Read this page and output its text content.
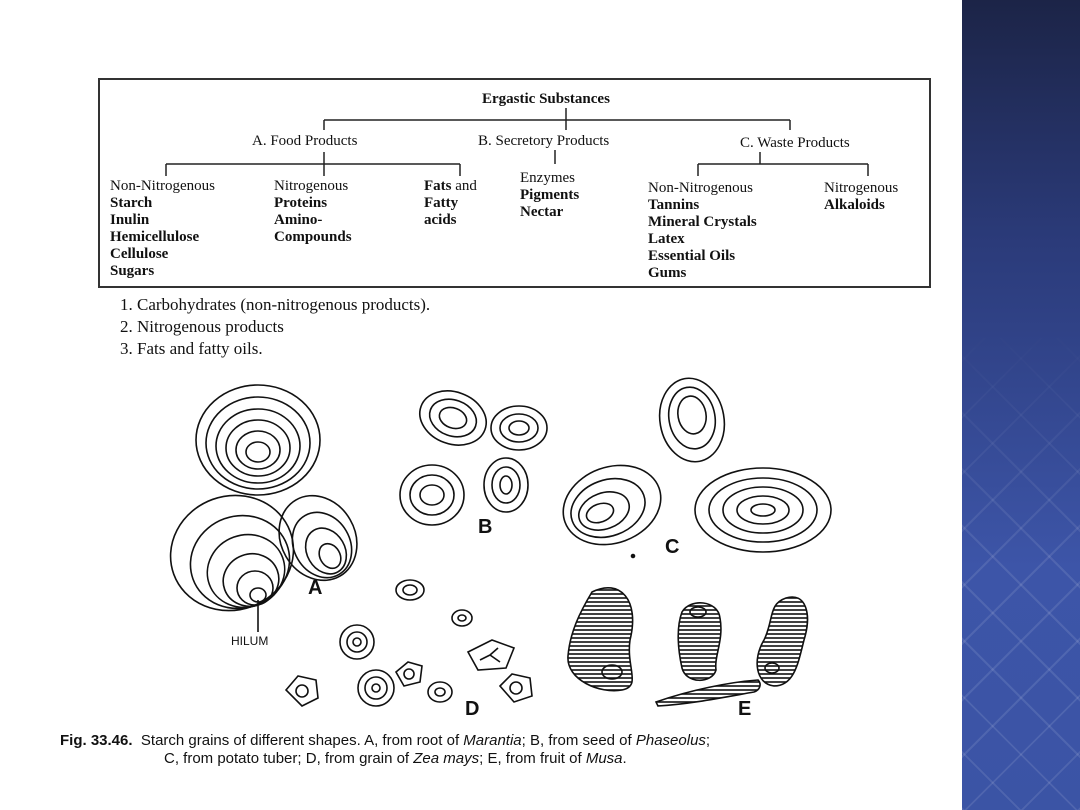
Ergastic Substances
A. Food Products	B. Secretory Products	C. Waste Products
Non-Nitrogenous
Starch
Inulin
Hemicellulose
Cellulose
Sugars
Nitrogenous
Proteins
Amino-
Compounds
Fats and
Fatty
acids
Enzymes
Pigments
Nectar
Non-Nitrogenous
Tannins
Mineral Crystals
Latex
Essential Oils
Gums
Nitrogenous
Alkaloids
1. Carbohydrates (non-nitrogenous products).
2. Nitrogenous products
3. Fats and fatty oils.
A
B
C
D	E
HILUM
Fig. 33.46. Starch grains of different shapes. A, from root of Marantia; B, from seed of Phaseolus;
C, from potato tuber; D, from grain of Zea mays; E, from fruit of Musa.
